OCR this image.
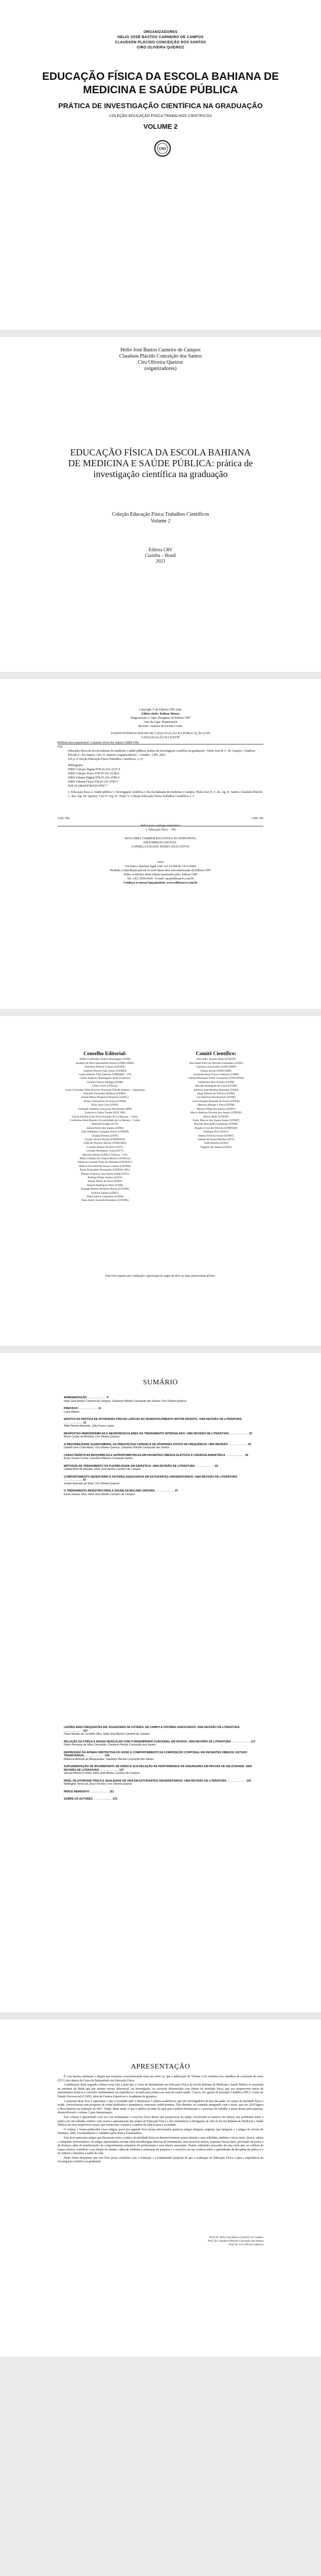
ORGANIZADORES
HELIO JOSÉ BASTOS CARNEIRO DE CAMPOS
CLAUDSON PLÁCIDO CONCEIÇÃO DOS SANTOS
CIRO OLIVEIRA QUEIROZ
EDUCAÇÃO FÍSICA DA ESCOLA BAHIANA DE MEDICINA E SAÚDE PÚBLICA
PRÁTICA DE INVESTIGAÇÃO CIENTÍFICA NA GRADUAÇÃO
COLEÇÃO EDUCAÇÃO FÍSICA TRABALHOS CIENTÍFICOS
VOLUME 2
CRV
Helio José Bastos Carneiro de Campos
Claudson Plácido Conceição dos Santos
Ciro Oliveira Queiroz
(organizadores)
EDUCAÇÃO FÍSICA DA ESCOLA BAHIANA DE MEDICINA E SAÚDE PÚBLICA: prática de investigação científica na graduação
Coleção Educação Física Trabalhos Científicos
Volume 2
Editora CRV
Curitiba – Brasil
2023
Copyright © da Editora CRV Ltda.
Editor-chefe: Railson Moura
Diagramação e Capa: Designers da Editora CRV
Arte da Capa: Shutterstock
Revisão: Analista de Escrita e Artes
DADOS INTERNACIONAIS DE CATALOGAÇÃO NA PUBLICAÇÃO (CIP)
CATALOGAÇÃO NA FONTE
Bibliotecária responsável: Luzenira Alves dos Santos CRB9/1506
E24
Educação física da escola bahiana de medicina e saúde pública: prática de investigação científica na graduação / Helio José B. C. de Campos, Claudson Plácido C. dos Santos, Ciro O. Queiroz (organizadores) – Curitiba : CRV, 2023.
156 p. (Coleção Educação Física Trabalhos Científicos, v. 2)
Bibliografia
ISBN Coleção Digital 978-65-251-2237-9
ISBN Coleção Físico 978-65-251-2238-6
ISBN Volume Digital 978-65-251-4786-0
ISBN Volume Físico 978-65-251-4787-7
DOI 10.24824/978652514787.7
1. Educação física 2. Saúde pública 3. Investigação científica I. Escola Bahiana de medicina e Campos, Helio José B. C. de. org. II. Santos, Claudson Plácido C. dos. org. III. Queiroz, Ciro O. org. IV. Título V. Coleção Educação Física Trabalhos Científicos v. 2
CDU 796	CDD 796
Índice para catálogo sistemático
1. Educação física – 796
ESTA OBRA TAMBÉM ENCONTRA-SE DISPONÍVEL
EM FORMATO DIGITAL.
CONHEÇA E BAIXE NOSSO APLICATIVO!
2023
Foi feito o depósito legal conf. Lei 10.994 de 14/12/2004
Proibida a reprodução parcial ou total desta obra sem autorização da Editora CRV
Todos os direitos desta edição reservados pela: Editora CRV
Tel.: (41) 3039-6418 - E-mail: sac@editoracrv.com.br
Conheça os nossos lançamentos: www.editoracrv.com.br
Conselho Editorial:
Aldira Guimarães Duarte Domínguez (UNB)
Andréia da Silva Quintanilha Sousa (UNIR/UFRN)
Anselmo Alencar Colares (UFOPA)
Antônio Pereira Gaio Júnior (UFRRJ)
Carlos Alberto Vilar Estêvão (UMINHO – PT)
Carlos Federico Domínguez Avila (Unieuro)
Carmen Tereza Velanga (UNIR)
Celso Conti (UFSCar)
Cesar Gerónimo Tello (Univer. Nacional Três de Febrero – Argentina)
Eduardo Fernandes Barbosa (UFMG)
Elione Maria Nogueira Diogenes (UFAL)
Elizeu Clementino de Souza (UNEB)
Élsio José Corá (UFFS)
Fernando Antônio Gonçalves Alcoforado (IPB)
Francisco Carlos Duarte (PUC-PR)
Gloria Fariñas León (Universidade de La Havana – Cuba)
Guillermo Arias Beatón (Universidade de La Havana – Cuba)
Helmuth Krüger (UCP)
Jailson Alves dos Santos (UFRJ)
João Adalberto Campato Junior (UNESP)
Josania Portela (UFPI)
Leonel Severo Rocha (UNISINOS)
Lídia de Oliveira Xavier (UNIEURO)
Lourdes Helena da Silva (UFV)
Luciano Rodrigues Costa (UFV)
Marcelo Paixão (UFRJ e UTexas – US)
Maria Cristina dos Santos Bezerra (UFSCar)
Maria de Lourdes Pinto de Almeida (UNOESC)
Maria Lília Imbiriba Sousa Colares (UFOPA)
Paulo Romualdo Hernandes (UNIFAL-MG)
Renato Francisco dos Santos Paula (UFG)
Rodrigo Pratte-Santos (UFES)
Sérgio Nunes de Jesus (IFRO)
Simone Rodrigues Pinto (UNB)
Solange Helena Ximenes-Rocha (UFOPA)
Sydione Santos (UEPG)
Tadeu Oliver Gonçalves (UFPA)
Tania Suely Azevedo Brasileiro (UFOPA)
Comitê Científico:
Alexandre Janotta Drigo (UNESP)
Ana Isabel Pires de Oliveira Guimarães (UFRJ)
Carmen Lúcia Soares (UNICAMP)
Eliana Ayoub (UNICAMP)
Fernanda Paula Franco Sobrosa (UFPR)
Gabriel Henrique Treter Gonçalves (UNIVATES)
Guilherme Reis Nothen (UFPR)
Haroldo Rodrigues de Lima (UFSM)
Jeferson José Moebus Retondar (UERJ)
Jorge Alberto de Oliveira (UFRJ)
Lia Sant'Ana Kucharczyk (UFPR)
Luiz Eduardo Rezende de Souza (UNEB)
Marcelo Moraes e Silva (UFPR)
Marcio Felipe dos Santos (UEPG)
Marco Antônio Ferreira dos Santos (UNESP)
Mauro Betti (UNESP)
Paulo Marcos dos Santos Junior (UFMT)
Ricardo Alexandre Carminato (UFPR)
Rogério Cruz de Oliveira (UNIFESP)
Santiago Pich (UFSC)
Sidney Ferreira Farias (UFMT)
Tatiane de Souza Martins (UFT)
Valter Bracht (UFES)
Wagner dos Santos (UFES)
Este livro passou por avaliação e aprovação às cegas de dois ou mais pareceristas ad hoc.
SUMÁRIO
APRESENTAÇÃO ........................ 9
Helio José Bastos Carneiro de Campos; Claudson Plácido Conceição dos Santos; Ciro Oliveira Queiroz
PREFÁCIO ........................ 11
Luiza Ribeiro
EFEITOS DA PRÁTICA DE ATIVIDADES FÍSICAS LÚDICAS NO DESENVOLVIMENTO MOTOR INFANTIL: UMA REVISÃO DE LITERATURA ........................ 13
Ailde Pereira Azevedo; Julio Franco Lopes
RESPOSTAS HEMODINÂMICAS E NEUROMUSCULARES AO TREINAMENTO INTERVALADO: UMA REVISÃO DE LITERATURA ........................ 25
Bruno Cunha de Almeida; Ciro Oliveira Queiroz
A INESTABILIDADE GLENOUMERAL DA PREGUIÇOSA CARDÍACA DE HÓSPEDES ATIVOS DE FREQUÊNCIA: UMA REVISÃO ........................ 43
Daniell Lima Costa Alves; Ciro Oliveira Queiroz; Cláudson Plácido Conceição dos Santos
CARACTERÍSTICAS BIOQUÍMICAS E ANTROPOMÉTRICAS EM PACIENTES OBESOS ELETIVOS À CIRURGIA BARIÁTRICA ........................ 55
Emily Gomes Cunha; Claudson Plácido Conceição Santos
MÉTODOS DE TREINAMENTO DA FLEXIBILIDADE EM GINÁSTICA: UMA REVISÃO DE LITERATURA ........................ 69
Isabela Brito de Almeida; Helio José Bastos Carneiro de Campos
COMPORTAMENTO SEDENTÁRIO E FATORES ASSOCIADOS EM ESTUDANTES UNIVERSITÁRIOS: UMA REVISÃO DE LITERATURA ........................ 87
Jordan Azevedo da Silva; Ciro Oliveira Queiroz
O TREINAMENTO RESISTIDO PARA A SAÚDE DA MULHER GRÁVIDA ........................ 97
Karen Daiane Silva; Helio José Bastos Carneiro de Campos
LESÕES MAIS FREQUENTES EM JOGADORES DE FUTEBOL DE CAMPO E FATORES ASSOCIADOS: UMA REVISÃO DE LITERATURA ........................ 107
Paulo Renato de Carvalho Silva; Helio José Bastos Carneiro de Campos
RELAÇÃO DA FORÇA E MASSA MUSCULAR COM O DESEMPENHO FUNCIONAL EM IDOSOS: UMA REVISÃO DE LITERATURA ........................ 117
Pedro Henrique da Silva Conceição; Claudson Plácido Conceição dos Santos
DEPRESSÃO DA APNEIA OBSTRUTIVA DO SONO E COMPORTAMENTO DA COMPOSIÇÃO CORPORAL EM PACIENTES OBESOS: ESTUDO TRANSVERSAL ........................ 129
Rebecca Almeida de Albuquerque; Claudson Plácido Conceição dos Santos
SUPLEMENTAÇÃO DE BICARBONATO DE SÓDIO E SUA RELAÇÃO NA PERFORMANCE DE NADADORES EM PROVAS DE VELOCIDADE: UMA REVISÃO DE LITERATURA ........................ 137
Samuel Moreira Freitas; Helio José Bastos Carneiro de Campos
NÍVEL DE ATIVIDADE FÍSICA E QUALIDADE DE VIDA EM ESTUDANTES UNIVERSITÁRIOS: UMA REVISÃO DE LITERATURA ........................ 145
Wellington Torres de Jesus Ferreira; Ciro Oliveira Queiroz
ÍNDICE REMISSIVO ........................ 151
SOBRE OS AUTORES ........................ 153
APRESENTAÇÃO

É com imensa satisfação e alegria que tornamos conscientizando mais um sobre os, que a publicação do Volume 2 da coletânea dos trabalhos de conclusão de curso (TCC) dos alunos do Curso de Bacharelado em Educação Física.

A publicação deste segundo volume torna vale a pena que o Curso de Bacharelado em Educação Física da Escola Bahiana de Medicina e Saúde Pública se consolida na estrutura da Bahia que por sempre mostra diferencial, na investigação, ao currículo diferenciado com ênfase na atividade física, que nos proporciona meios de instrumentos teóricos e conceitos fundamentais na experiência e na aplicação prática nas mais de cunho saúde. Crescer, Pro grama de Iniciação Científica (PIC), Centro de Estudo Psicossocial (CAPS), além de Centros Esportivos e Academias de ginástica.

A proposta deste livro é apresentar o que a sociedade quer e administrar o alunos acadêmicos, que são investigadores da área da saúde, no campo da atividade física e saúde, concretizaram suas pesquisas de forma qualitativa e quantitativa, expressar conhecimentos. Não obstante, no conteúdo integrando com o nosso, que nos 2019 legava a Nosa Maioria na avaliação do NEC. Então, deste modo, é que o público já tinha do qual para cambiar diretamente e o processo de trabalho a partir destas preocupações, desenvolvendo o volume 2 para interpretação.

Este volume é apresentado com foco em treinamento e exercício físico dentro das perspectivas da saúde, envolvendo as nuances da ciência, dos problemas sobre a prática em um trabalho coletivo com escrita e apresentação dos alunos da Educação Física e dos orientadores à divulgação da vida da Escola Bahiana de Medicina e Saúde Pública em seus respectivos cursos, que fortalecem o estudo e a análise da ciência para a sociedade.

O volume 1 foram publicados cinco artigos, passe pra segundo livro foram selecionados quatorze artigos integrais originais, que integram o 1 artigos de revisão de literatura, onde, recomendações e validados pelos Banca Examinadora.

Este livro apresenta artigos que discursam sobre a prática de atividade física no desenvolvimento motor infantil e suas refletidas, também o idoso atual, obesos, atletas e estudantes universitários. Os artigos apresentados versam sobre metodologias diversas de treinamento, seus possíveis efeitos, respostas físicas entre, prevenção de lesões e de doenças, além de manifestações do comportamento sedentário de profissionais e seus fatores associados. Porém, sobretudo acrescidos de uma visão que, ao celebrar de forma coletiva, contribuir a sua função de estudar a ideia de melhorar a realização de pesquisa e o exercício, na sua vivência sobre o aprendizado da disciplina da prática é o de traduzir a literatura a saúde da vida.

Desta forma desejamos que este livro possa contribuir com a formação e a fundamental proposta de que a realizaçao de Educação Física a para a importância da investigação científica na graduação.

Prof. Dr. Helio José Bastos Carneiro de Campos
Prof. Dr. Claudson Plácido Conceição dos Santos
Prof. Dr. Ciro Oliveira Queiroz
